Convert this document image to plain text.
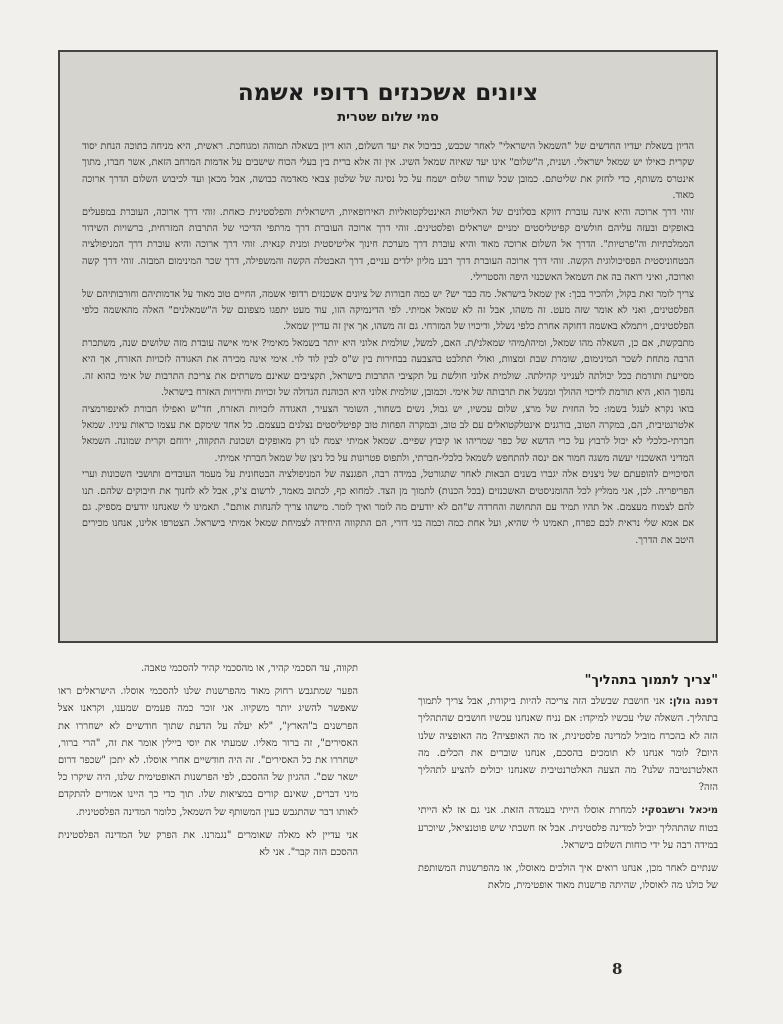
ציונים אשכנזים רדופי אשמה
סמי שלום שטרית

הדיון בשאלת יעדיו החדשים של "השמאל הישראלי" לאחר שכבש, כביכול את יעד השלום, הוא דיון בשאלה תמוהה ומגוחכת. ראשית, היא מניחה בתוכה הנחת יסוד שקרית כאילו יש שמאל ישראלי. ושנית, ה"שלום" אינו יעד שאיזה שמאל השיג. אין זה אלא ברית בין בעלי הכוח שישבים על אדמות המרחב הזאת, אשר חברו, מתוך אינטרס משותף, כדי לחזק את שליטתם. כמובן שכל שוחר שלום ישמח על כל נסיגה של שלטון צבאי מאדמה כבושה, אבל מכאן ועד לכיבוש השלום הדרך ארוכה מאוד.

זוהי דרך ארוכה והיא אינה עוברת דווקא בסלונים של האליטות האינטלקטואליות האירופאיות, הישראלית והפלסטינית כאחת. זוהי דרך ארוכה, העוברת במפעלים באופקים ובעזה עליהם חולשים קפיטליסטים ימניים ישראלים ופלסטינים. זוהי דרך ארוכה העוברת דרך מרתפי הדיכוי של התרבות המזרחית, ברשויות השידור הממלכתיות וה"פרטיות". הדרך אל השלום ארוכה מאוד והיא עוברת דרך מערכת חינוך אליטיסטית ומנית קנאית. זוהי דרך ארוכה והיא עוברת דרך המניפולציה הבטחוניסטית הפסיכולוגית הקשה. זוהי דרך ארוכה העוברת דרך רבע מליון ילדים עניים, דרך האבטלה הקשה והמשפילה, דרך שכר המינימום המבזה. זוהי דרך קשה וארוכה, ואיני רואה בה את השמאל האשכנזי היפה והסטרילי.

צריך לומר זאת בקול, ולהכיר בכך: אין שמאל בישראל. מה כבר יש? יש כמה חבורות של ציונים אשכנזים רדופי אשמה, החיים טוב מאוד על אדמותיהם וחורבותיהם של הפלסטינים, ואני לא אומר שזה מעט. זה משהו, אבל זה לא שמאל אמיתי. לפי הדינמיקה הזו, עוד מעט יתפגו מצפונם של ה"שמאלנים" האלה מהאשמה כלפי הפלסטינים, ויתמלא באשמה דחוקה אחרת כלפי נשלל, ודיכויו של המזרחי. גם זה משהו, אך אין זה עדיין שמאל.

מתבקשת, אם כן, השאלה מהו שמאל, ומיהו/מיהי שמאלני/ת. האם, למשל, שולמית אלוני היא יותר בשמאל מאימי? אימי אישה עובדת מזה שלושים שנה, משתכרת הרבה מתחת לשכר המינימום, שומרת שבת ומצוות, ואולי תתלבט בהצבעה בבחירות בין ש"ס לבין לוד לוי. אימי אינה מכירה את האגודה לזכויות האזרח, אך היא מסייעת ותורמת ככל יכולתה לענייני קהילתה. שולמית אלוני חולשת על תקציבי התרבות בישראל, תקציבים שאינם משרתים את צריכת התרבות של אימי כהוא זה. נהפוך הוא, היא תורמת לדיכוי ההולך ומנשל את תרבותה של אימי. וכמובן, שולמית אלוני היא הכוהנת הגדולה של זכויות וחירויות האזרח בישראל.

בואו נקרא לעגל בשמו: כל החזית של מרצ, שלום עכשיו, יש גבול, נשים בשחור, השומר הצעיר, האגודה לזכויות האזרח, חד"ש ואפילו חבורת לאינפורמציה אלטרנטיבית, הם, במקרה הטוב, בורגנים אינטלקטואלים עם לב טוב, ובמקרה הפחות טוב קפיטליסטים נצלנים בעצמם. כל אחד שימקם את עצמו כראות עיניו. שמאל חברתי-כלכלי לא יכול לרבוץ על כרי הדשא של כפר שמריהו או קיבוץ שפיים. שמאל אמיתי יצמח לנו רק מאופקים ושכונת התקווה, ירוחם וקרית שמונה. השמאל המדיני האשכנזי יעשה משגה חמור אם ינסה להתחפש לשמאל כלכלי-חברתי, ולתפוס פטרונות על כל ניצן של שמאל חברתי אמיתי.

הסיכויים להופעתם של ניצנים אלה יגברו בשנים הבאות לאחר שתגורטל, במידה רבה, הפגנצה של המניפולציה הבטחונית על מעמד העובדים ותושבי השכונות וערי הפריפריה. לכן, אני ממליץ לכל ההומניסטים האשכנזים (בכל הכנות) לתמוך מן הצד. למחוא כף, לכתוב מאמר, לרשום צ'ק, אבל לא לחנוך את חיבוקים שלהם. תנו להם לצמוח מעצמם. אל תהיו תמיד עם התחושה והחרדה ש"הם לא יודעים מה לומר ואיך לומר. מישהו צריך להנחות אותם". תאמינו לי שאנחנו יודעים מספיק. גם אם אמא שלי נראית לכם כפרח, תאמינו לי שהיא, ועל אחת כמה וכמה בני דורי, הם התקווה היחידה לצמיחת שמאל אמיתי בישראל. הצטרפו אלינו, אנחנו מכירים היטב את הדרך.

"צריך לתמוך בתהליך"

דפנה גולן: אני חושבת שבשלב הזה צריכה להיות ביקורת, אבל צריך לתמוך בתהליך. השאלה שלי עכשיו למיקדו: אם נניח שאנחנו עכשיו חושבים שהתהליך הזה לא בהכרח מוביל למדינה פלסטינית, אז מה האופציה? מה האופציה שלנו היום? לומר אנחנו לא תומכים בהסכם, אנחנו שוברים את הכלים. מה האלטרנטיבה שלנו? מה הצעה האלטרנטיבית שאנחנו יכולים להציע לתהליך הזה?

מיכאל ורשבסקי: למחרת אוסלו הייתי בעמדה הזאת. אני גם אז לא הייתי בטוח שהתהליך יוביל למדינה פלסטינית. אבל אז חשבתי שיש פוטנציאל, שיוכרע במידה רבה על ידי כוחות השלום בישראל.

שנתיים לאחר מכן, אנחנו רואים איך הולכים מאוסלו, או מהפרשנות המשותפת של כולנו מה לאוסלו, שהיתה פרשנות מאוד אופטימית, מלאת

תקווה, עד הסכמי קהיר, או מהסכמי קהיר להסכמי טאבה.

הפער שמתגבש רחוק מאוד מהפרשנות שלנו להסכמי אוסלו. הישראלים ראו שאפשר להשיג יותר משקיוו. אני זוכר כמה פעמים שמענו, וקראנו אצל הפרשנים ב"הארץ", "לא יעלה על הדעת שתוך חודשיים לא ישחררו את האסירים", זה ברור מאליו. שמעתי את יוסי ביילין אומר את זה, "הרי ברור, ישחררו את כל האסירים". זה היה חודשיים אחרי אוסלו. לא יתכן "שכפר דרום ישאר שם". ההגיון של ההסכם, לפי הפרשנות האופטימית שלנו, היה שיקרו כל מיני דברים, שאינם קורים במציאות שלו. תוך כדי כך היינו אמורים להתקדם לאותו דבר שהתגבש כעין המשותף של השמאל, כלומר המדינה הפלסטינית.

אני עדיין לא מאלה שאומרים "נגמרנו. את הפרק של המדינה הפלסטינית ההסכם הזה קבר". אני לא

8
